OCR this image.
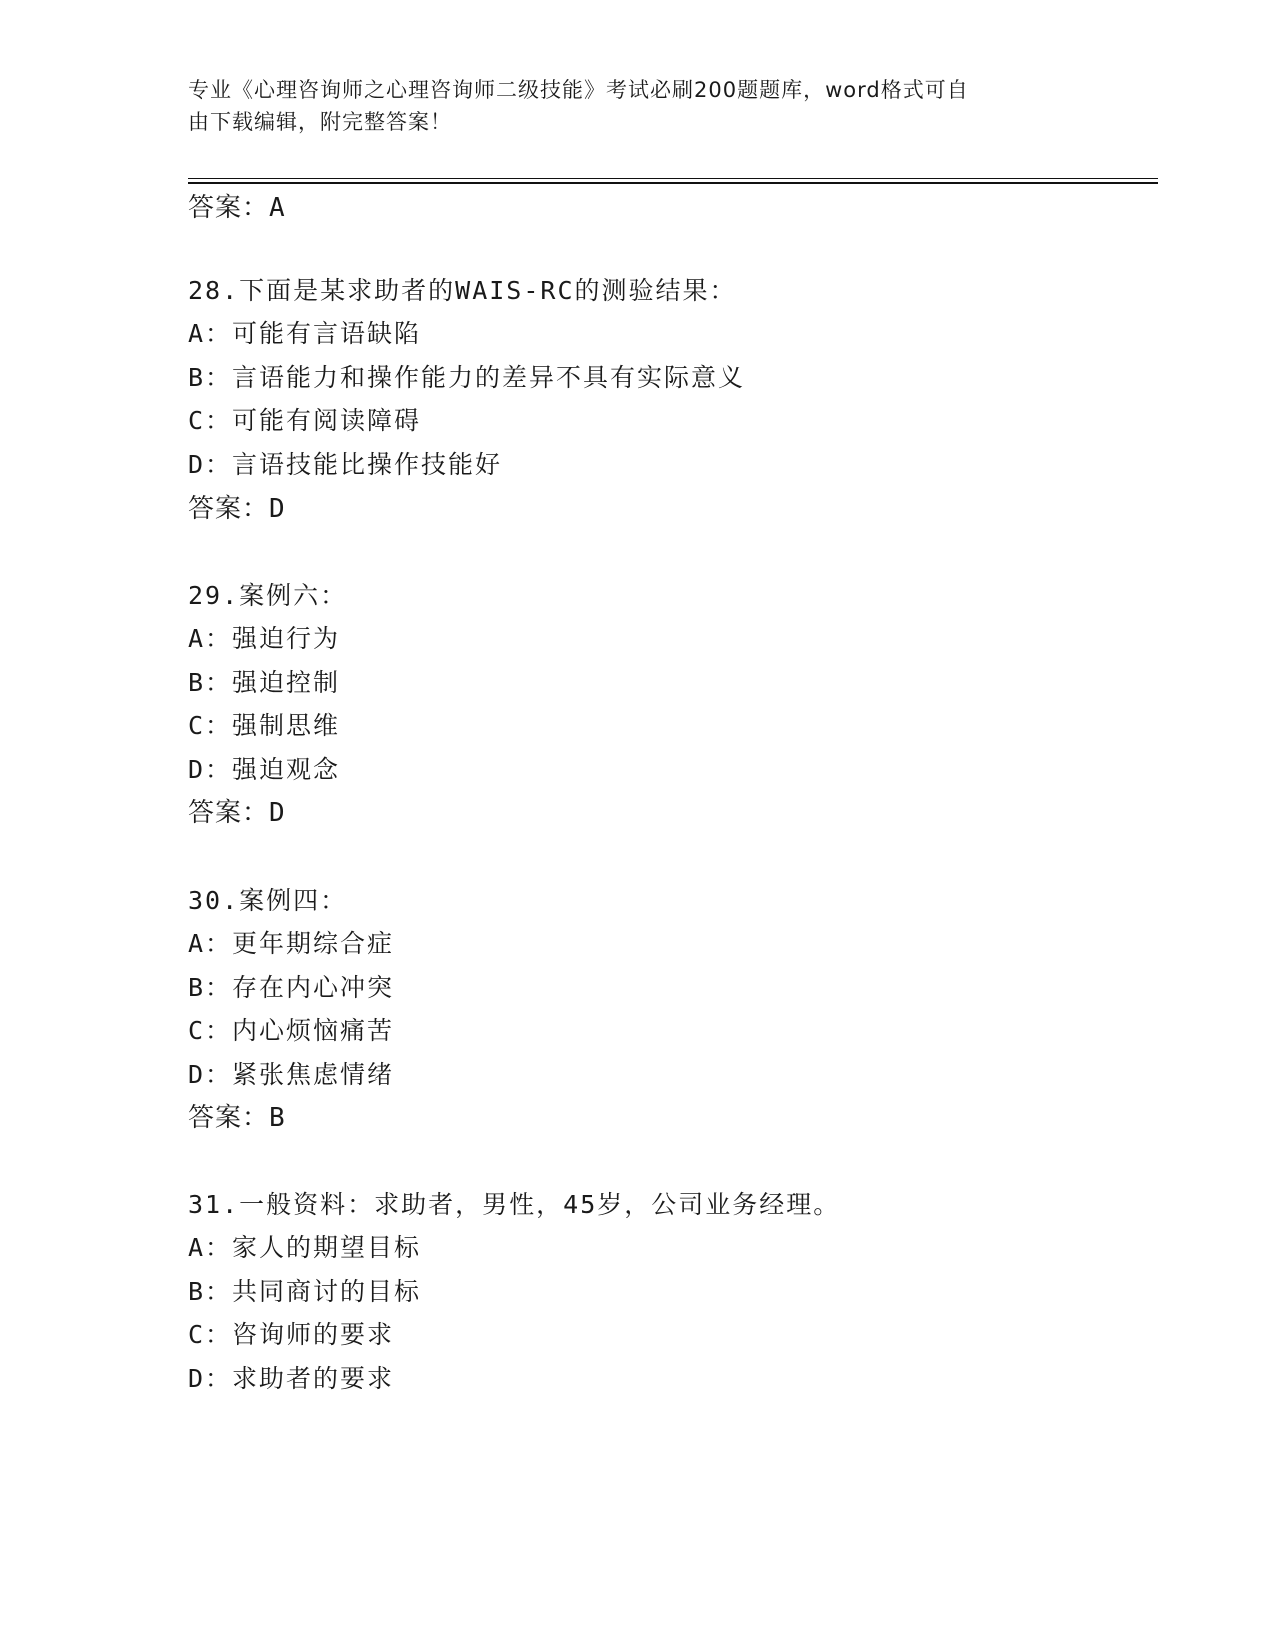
专业《心理咨询师之心理咨询师二级技能》考试必刷200题题库，word格式可自
由下载编辑，附完整答案！
答案：A
28.下面是某求助者的WAIS-RC的测验结果：
A：可能有言语缺陷
B：言语能力和操作能力的差异不具有实际意义
C：可能有阅读障碍
D：言语技能比操作技能好
答案：D
29.案例六：
A：强迫行为
B：强迫控制
C：强制思维
D：强迫观念
答案：D
30.案例四：
A：更年期综合症
B：存在内心冲突
C：内心烦恼痛苦
D：紧张焦虑情绪
答案：B
31.一般资料：求助者，男性，45岁，公司业务经理。
A：家人的期望目标
B：共同商讨的目标
C：咨询师的要求
D：求助者的要求
